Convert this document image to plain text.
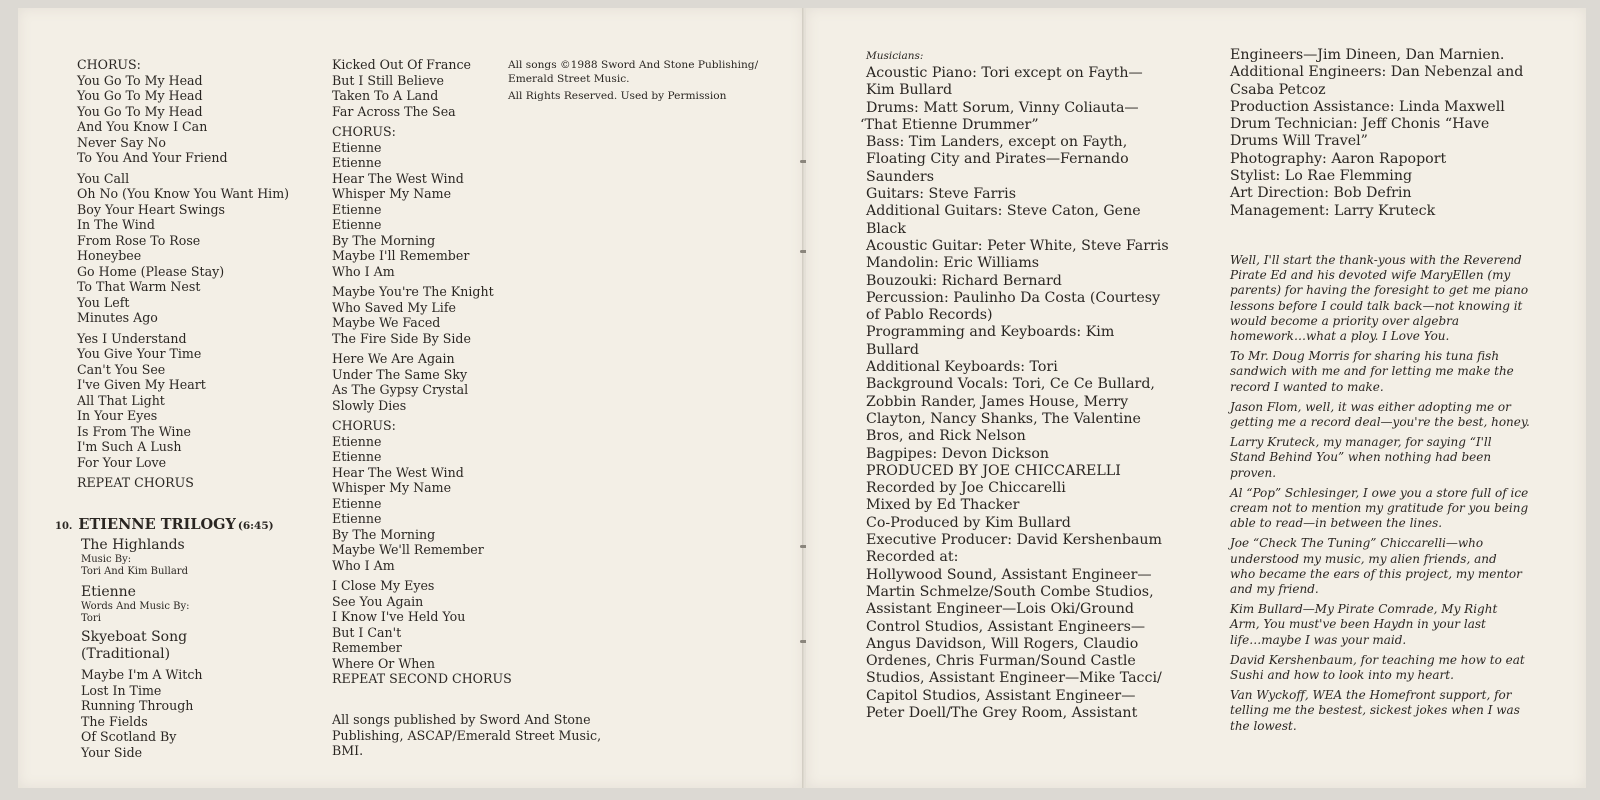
CHORUS:
You Go To My Head
You Go To My Head
You Go To My Head
And You Know I Can
Never Say No
To You And Your Friend
You Call
Oh No (You Know You Want Him)
Boy Your Heart Swings
In The Wind
From Rose To Rose
Honeybee
Go Home (Please Stay)
To That Warm Nest
You Left
Minutes Ago
Yes I Understand
You Give Your Time
Can't You See
I've Given My Heart
All That Light
In Your Eyes
Is From The Wine
I'm Such A Lush
For Your Love
REPEAT CHORUS
10. ETIENNE TRILOGY (6:45)
The Highlands
Music By:
Tori And Kim Bullard
Etienne
Words And Music By:
Tori
Skyeboat Song
(Traditional)
Maybe I'm A Witch
Lost In Time
Running Through
The Fields
Of Scotland By
Your Side
Kicked Out Of France
But I Still Believe
Taken To A Land
Far Across The Sea
CHORUS:
Etienne
Etienne
Hear The West Wind
Whisper My Name
Etienne
Etienne
By The Morning
Maybe I'll Remember
Who I Am
Maybe You're The Knight
Who Saved My Life
Maybe We Faced
The Fire Side By Side
Here We Are Again
Under The Same Sky
As The Gypsy Crystal
Slowly Dies
CHORUS:
Etienne
Etienne
Hear The West Wind
Whisper My Name
Etienne
Etienne
By The Morning
Maybe We'll Remember
Who I Am
I Close My Eyes
See You Again
I Know I've Held You
But I Can't
Remember
Where Or When
REPEAT SECOND CHORUS
All songs published by Sword And Stone
Publishing, ASCAP/Emerald Street Music,
BMI.
All songs ©1988 Sword And Stone Publishing/
Emerald Street Music.
All Rights Reserved. Used by Permission
Musicians:
Acoustic Piano: Tori except on Fayth—
Kim Bullard
Drums: Matt Sorum, Vinny Coliauta—
‘That Etienne Drummer”
Bass: Tim Landers, except on Fayth,
Floating City and Pirates—Fernando
Saunders
Guitars: Steve Farris
Additional Guitars: Steve Caton, Gene
Black
Acoustic Guitar: Peter White, Steve Farris
Mandolin: Eric Williams
Bouzouki: Richard Bernard
Percussion: Paulinho Da Costa (Courtesy
of Pablo Records)
Programming and Keyboards: Kim
Bullard
Additional Keyboards: Tori
Background Vocals: Tori, Ce Ce Bullard,
Zobbin Rander, James House, Merry
Clayton, Nancy Shanks, The Valentine
Bros, and Rick Nelson
Bagpipes: Devon Dickson
PRODUCED BY JOE CHICCARELLI
Recorded by Joe Chiccarelli
Mixed by Ed Thacker
Co-Produced by Kim Bullard
Executive Producer: David Kershenbaum
Recorded at:
Hollywood Sound, Assistant Engineer—
Martin Schmelze/South Combe Studios,
Assistant Engineer—Lois Oki/Ground
Control Studios, Assistant Engineers—
Angus Davidson, Will Rogers, Claudio
Ordenes, Chris Furman/Sound Castle
Studios, Assistant Engineer—Mike Tacci/
Capitol Studios, Assistant Engineer—
Peter Doell/The Grey Room, Assistant
Engineers—Jim Dineen, Dan Marnien.
Additional Engineers: Dan Nebenzal and
Csaba Petcoz
Production Assistance: Linda Maxwell
Drum Technician: Jeff Chonis “Have
Drums Will Travel”
Photography: Aaron Rapoport
Stylist: Lo Rae Flemming
Art Direction: Bob Defrin
Management: Larry Kruteck
Well, I'll start the thank-yous with the Reverend
Pirate Ed and his devoted wife MaryEllen (my
parents) for having the foresight to get me piano
lessons before I could talk back—not knowing it
would become a priority over algebra
homework…what a ploy. I Love You.
To Mr. Doug Morris for sharing his tuna fish
sandwich with me and for letting me make the
record I wanted to make.
Jason Flom, well, it was either adopting me or
getting me a record deal—you're the best, honey.
Larry Kruteck, my manager, for saying “I'll
Stand Behind You” when nothing had been
proven.
Al “Pop” Schlesinger, I owe you a store full of ice
cream not to mention my gratitude for you being
able to read—in between the lines.
Joe “Check The Tuning” Chiccarelli—who
understood my music, my alien friends, and
who became the ears of this project, my mentor
and my friend.
Kim Bullard—My Pirate Comrade, My Right
Arm, You must've been Haydn in your last
life…maybe I was your maid.
David Kershenbaum, for teaching me how to eat
Sushi and how to look into my heart.
Van Wyckoff, WEA the Homefront support, for
telling me the bestest, sickest jokes when I was
the lowest.
